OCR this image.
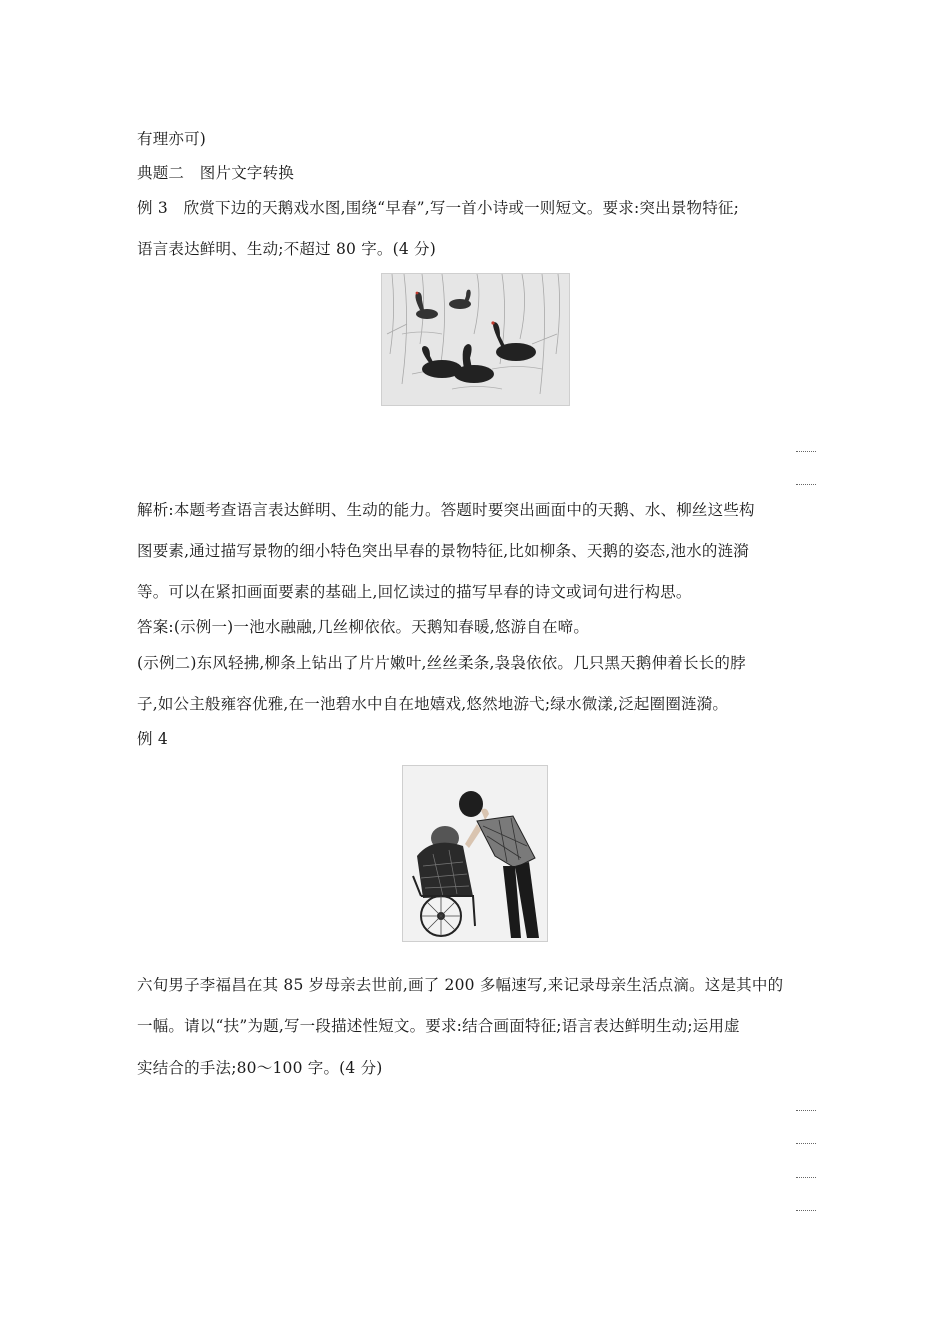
有理亦可)
典题二　图片文字转换
例 3　欣赏下边的天鹅戏水图,围绕“早春”,写一首小诗或一则短文。要求:突出景物特征;
语言表达鲜明、生动;不超过 80 字。(4 分)
解析:本题考查语言表达鲜明、生动的能力。答题时要突出画面中的天鹅、水、柳丝这些构
图要素,通过描写景物的细小特色突出早春的景物特征,比如柳条、天鹅的姿态,池水的涟漪
等。可以在紧扣画面要素的基础上,回忆读过的描写早春的诗文或词句进行构思。
答案:(示例一)一池水融融,几丝柳依依。天鹅知春暖,悠游自在啼。
(示例二)东风轻拂,柳条上钻出了片片嫩叶,丝丝柔条,袅袅依依。几只黑天鹅伸着长长的脖
子,如公主般雍容优雅,在一池碧水中自在地嬉戏,悠然地游弋;绿水微漾,泛起圈圈涟漪。
例 4
六旬男子李福昌在其 85 岁母亲去世前,画了 200 多幅速写,来记录母亲生活点滴。这是其中的
一幅。请以“扶”为题,写一段描述性短文。要求:结合画面特征;语言表达鲜明生动;运用虚
实结合的手法;80～100 字。(4 分)
